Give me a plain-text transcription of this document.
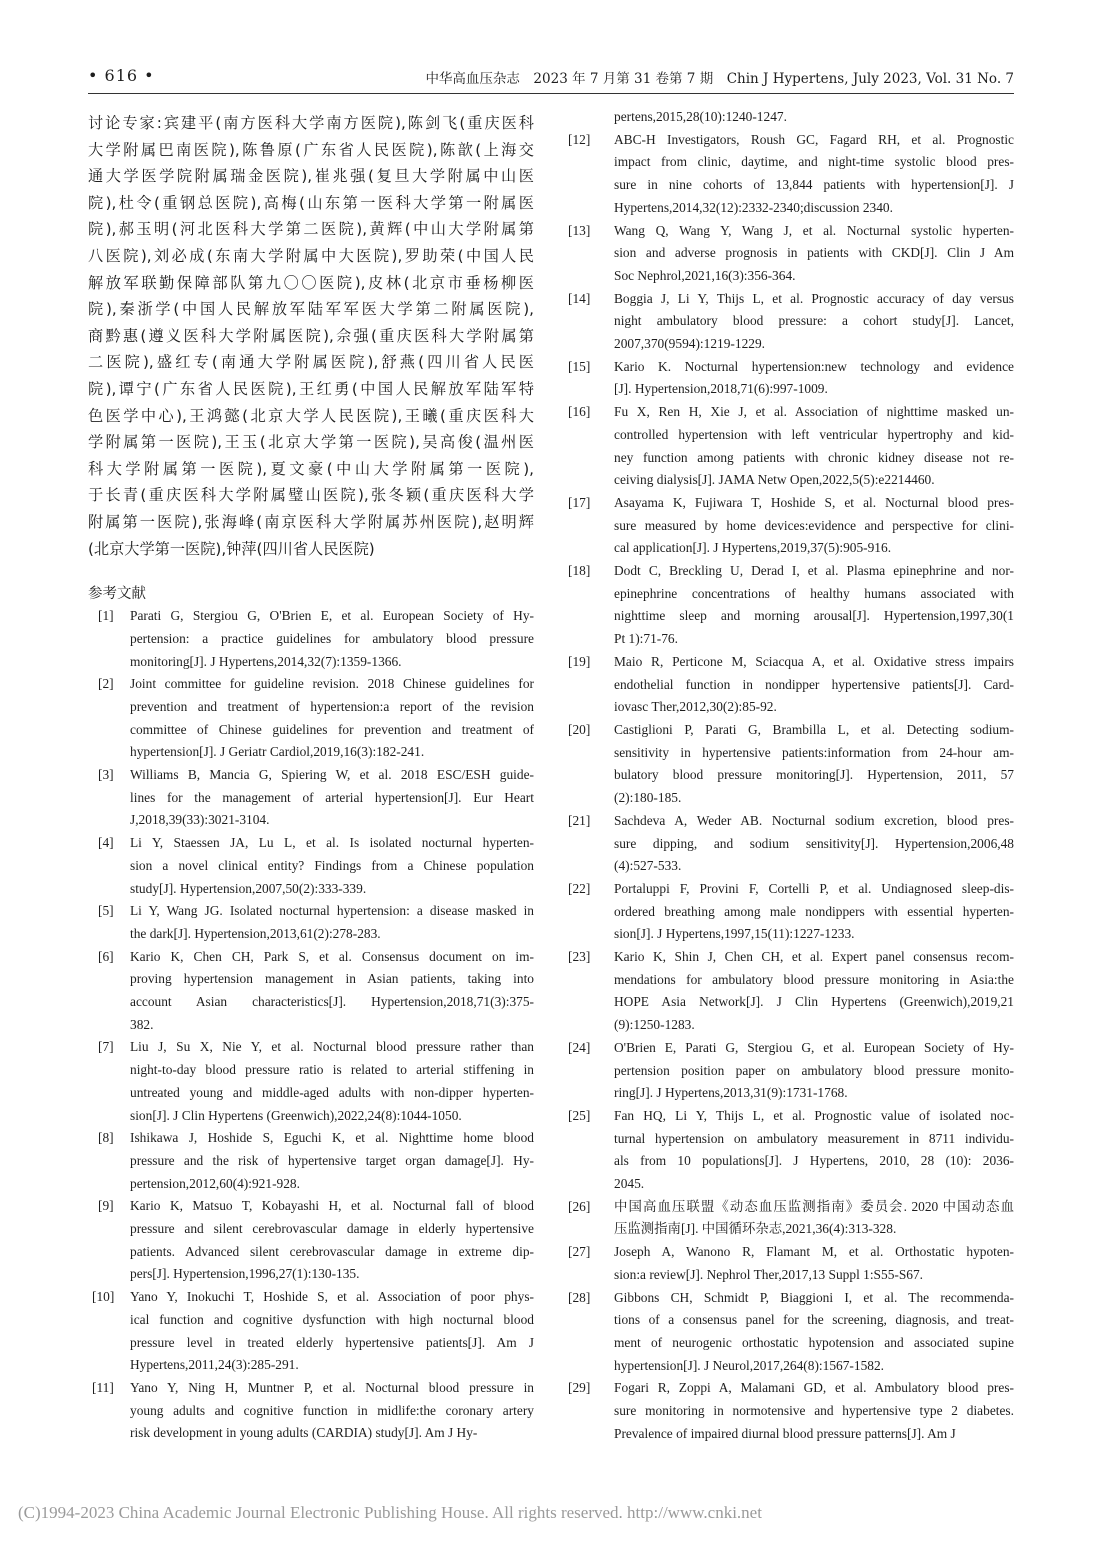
• 616 •	中华高血压杂志　2023 年 7 月第 31 卷第 7 期　Chin J Hypertens, July 2023, Vol. 31 No. 7
讨论专家:宾建平(南方医科大学南方医院),陈剑飞(重庆医科
大学附属巴南医院),陈鲁原(广东省人民医院),陈歆(上海交
通大学医学院附属瑞金医院),崔兆强(复旦大学附属中山医
院),杜令(重钢总医院),高梅(山东第一医科大学第一附属医
院),郝玉明(河北医科大学第二医院),黄辉(中山大学附属第
八医院),刘必成(东南大学附属中大医院),罗助荣(中国人民
解放军联勤保障部队第九〇〇医院),皮林(北京市垂杨柳医
院),秦浙学(中国人民解放军陆军军医大学第二附属医院),
商黔惠(遵义医科大学附属医院),佘强(重庆医科大学附属第
二医院),盛红专(南通大学附属医院),舒燕(四川省人民医
院),谭宁(广东省人民医院),王红勇(中国人民解放军陆军特
色医学中心),王鸿懿(北京大学人民医院),王曦(重庆医科大
学附属第一医院),王玉(北京大学第一医院),吴高俊(温州医
科大学附属第一医院),夏文豪(中山大学附属第一医院),
于长青(重庆医科大学附属璧山医院),张冬颖(重庆医科大学
附属第一医院),张海峰(南京医科大学附属苏州医院),赵明辉
(北京大学第一医院),钟萍(四川省人民医院)
参考文献
[1] Parati G, Stergiou G, O'Brien E, et al. European Society of Hy-
pertension: a practice guidelines for ambulatory blood pressure
monitoring[J]. J Hypertens,2014,32(7):1359-1366.
[2] Joint committee for guideline revision. 2018 Chinese guidelines for
prevention and treatment of hypertension:a report of the revision
committee of Chinese guidelines for prevention and treatment of
hypertension[J]. J Geriatr Cardiol,2019,16(3):182-241.
[3] Williams B, Mancia G, Spiering W, et al. 2018 ESC/ESH guide-
lines for the management of arterial hypertension[J]. Eur Heart
J,2018,39(33):3021-3104.
[4] Li Y, Staessen JA, Lu L, et al. Is isolated nocturnal hyperten-
sion a novel clinical entity? Findings from a Chinese population
study[J]. Hypertension,2007,50(2):333-339.
[5] Li Y, Wang JG. Isolated nocturnal hypertension: a disease masked in
the dark[J]. Hypertension,2013,61(2):278-283.
[6] Kario K, Chen CH, Park S, et al. Consensus document on im-
proving hypertension management in Asian patients, taking into
account Asian characteristics[J]. Hypertension,2018,71(3):375-
382.
[7] Liu J, Su X, Nie Y, et al. Nocturnal blood pressure rather than
night-to-day blood pressure ratio is related to arterial stiffening in
untreated young and middle-aged adults with non-dipper hyperten-
sion[J]. J Clin Hypertens (Greenwich),2022,24(8):1044-1050.
[8] Ishikawa J, Hoshide S, Eguchi K, et al. Nighttime home blood
pressure and the risk of hypertensive target organ damage[J]. Hy-
pertension,2012,60(4):921-928.
[9] Kario K, Matsuo T, Kobayashi H, et al. Nocturnal fall of blood
pressure and silent cerebrovascular damage in elderly hypertensive
patients. Advanced silent cerebrovascular damage in extreme dip-
pers[J]. Hypertension,1996,27(1):130-135.
[10] Yano Y, Inokuchi T, Hoshide S, et al. Association of poor phys-
ical function and cognitive dysfunction with high nocturnal blood
pressure level in treated elderly hypertensive patients[J]. Am J
Hypertens,2011,24(3):285-291.
[11] Yano Y, Ning H, Muntner P, et al. Nocturnal blood pressure in
young adults and cognitive function in midlife:the coronary artery
risk development in young adults (CARDIA) study[J]. Am J Hy-
pertens,2015,28(10):1240-1247.
[12] ABC-H Investigators, Roush GC, Fagard RH, et al. Prognostic
impact from clinic, daytime, and night-time systolic blood pres-
sure in nine cohorts of 13,844 patients with hypertension[J]. J
Hypertens,2014,32(12):2332-2340;discussion 2340.
[13] Wang Q, Wang Y, Wang J, et al. Nocturnal systolic hyperten-
sion and adverse prognosis in patients with CKD[J]. Clin J Am
Soc Nephrol,2021,16(3):356-364.
[14] Boggia J, Li Y, Thijs L, et al. Prognostic accuracy of day versus
night ambulatory blood pressure: a cohort study[J]. Lancet,
2007,370(9594):1219-1229.
[15] Kario K. Nocturnal hypertension:new technology and evidence
[J]. Hypertension,2018,71(6):997-1009.
[16] Fu X, Ren H, Xie J, et al. Association of nighttime masked un-
controlled hypertension with left ventricular hypertrophy and kid-
ney function among patients with chronic kidney disease not re-
ceiving dialysis[J]. JAMA Netw Open,2022,5(5):e2214460.
[17] Asayama K, Fujiwara T, Hoshide S, et al. Nocturnal blood pres-
sure measured by home devices:evidence and perspective for clini-
cal application[J]. J Hypertens,2019,37(5):905-916.
[18] Dodt C, Breckling U, Derad I, et al. Plasma epinephrine and nor-
epinephrine concentrations of healthy humans associated with
nighttime sleep and morning arousal[J]. Hypertension,1997,30(1
Pt 1):71-76.
[19] Maio R, Perticone M, Sciacqua A, et al. Oxidative stress impairs
endothelial function in nondipper hypertensive patients[J]. Card-
iovasc Ther,2012,30(2):85-92.
[20] Castiglioni P, Parati G, Brambilla L, et al. Detecting sodium-
sensitivity in hypertensive patients:information from 24-hour am-
bulatory blood pressure monitoring[J]. Hypertension, 2011, 57
(2):180-185.
[21] Sachdeva A, Weder AB. Nocturnal sodium excretion, blood pres-
sure dipping, and sodium sensitivity[J]. Hypertension,2006,48
(4):527-533.
[22] Portaluppi F, Provini F, Cortelli P, et al. Undiagnosed sleep-dis-
ordered breathing among male nondippers with essential hyperten-
sion[J]. J Hypertens,1997,15(11):1227-1233.
[23] Kario K, Shin J, Chen CH, et al. Expert panel consensus recom-
mendations for ambulatory blood pressure monitoring in Asia:the
HOPE Asia Network[J]. J Clin Hypertens (Greenwich),2019,21
(9):1250-1283.
[24] O'Brien E, Parati G, Stergiou G, et al. European Society of Hy-
pertension position paper on ambulatory blood pressure monito-
ring[J]. J Hypertens,2013,31(9):1731-1768.
[25] Fan HQ, Li Y, Thijs L, et al. Prognostic value of isolated noc-
turnal hypertension on ambulatory measurement in 8711 individu-
als from 10 populations[J]. J Hypertens, 2010, 28 (10): 2036-
2045.
[26] 中国高血压联盟《动态血压监测指南》委员会. 2020 中国动态血
压监测指南[J]. 中国循环杂志,2021,36(4):313-328.
[27] Joseph A, Wanono R, Flamant M, et al. Orthostatic hypoten-
sion:a review[J]. Nephrol Ther,2017,13 Suppl 1:S55-S67.
[28] Gibbons CH, Schmidt P, Biaggioni I, et al. The recommenda-
tions of a consensus panel for the screening, diagnosis, and treat-
ment of neurogenic orthostatic hypotension and associated supine
hypertension[J]. J Neurol,2017,264(8):1567-1582.
[29] Fogari R, Zoppi A, Malamani GD, et al. Ambulatory blood pres-
sure monitoring in normotensive and hypertensive type 2 diabetes.
Prevalence of impaired diurnal blood pressure patterns[J]. Am J
(C)1994-2023 China Academic Journal Electronic Publishing House. All rights reserved. http://www.cnki.net
